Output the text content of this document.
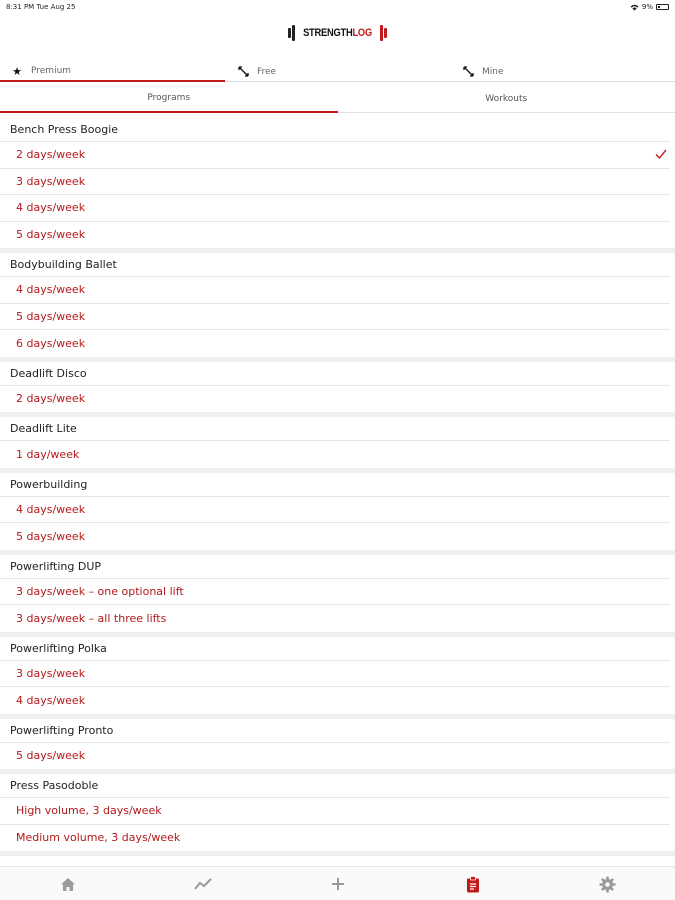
8:31 PM Tue Aug 25	9%
STRENGTHLOG
★ Premium	Free	Mine
Programs	Workouts
Bench Press Boogie
2 days/week
3 days/week
4 days/week
5 days/week
Bodybuilding Ballet
4 days/week
5 days/week
6 days/week
Deadlift Disco
2 days/week
Deadlift Lite
1 day/week
Powerbuilding
4 days/week
5 days/week
Powerlifting DUP
3 days/week – one optional lift
3 days/week – all three lifts
Powerlifting Polka
3 days/week
4 days/week
Powerlifting Pronto
5 days/week
Press Pasodoble
High volume, 3 days/week
Medium volume, 3 days/week
